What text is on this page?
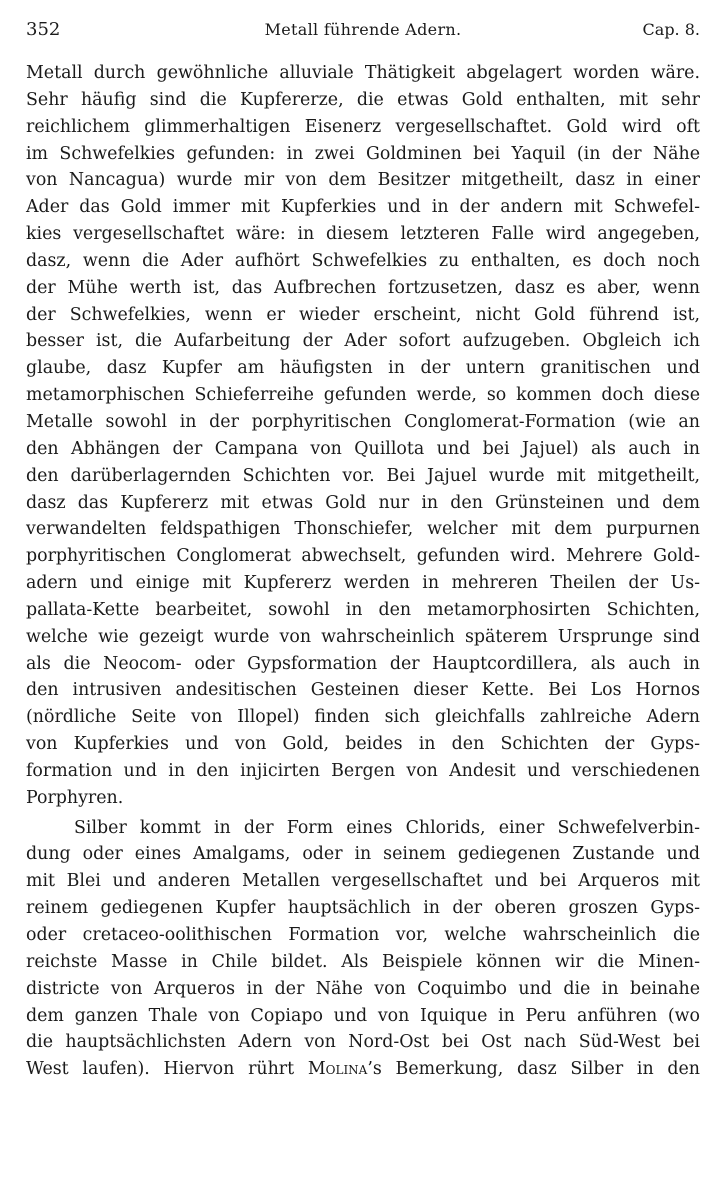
352	Metall führende Adern.	Cap. 8.
Metall durch gewöhnliche alluviale Thätigkeit abgelagert worden wäre.
Sehr häufig sind die Kupfererze, die etwas Gold enthalten, mit sehr
reichlichem glimmerhaltigen Eisenerz vergesellschaftet. Gold wird oft
im Schwefelkies gefunden: in zwei Goldminen bei Yaquil (in der Nähe
von Nancagua) wurde mir von dem Besitzer mitgetheilt, dasz in einer
Ader das Gold immer mit Kupferkies und in der andern mit Schwefel-
kies vergesellschaftet wäre: in diesem letzteren Falle wird angegeben,
dasz, wenn die Ader aufhört Schwefelkies zu enthalten, es doch noch
der Mühe werth ist, das Aufbrechen fortzusetzen, dasz es aber, wenn
der Schwefelkies, wenn er wieder erscheint, nicht Gold führend ist,
besser ist, die Aufarbeitung der Ader sofort aufzugeben. Obgleich ich
glaube, dasz Kupfer am häufigsten in der untern granitischen und
metamorphischen Schieferreihe gefunden werde, so kommen doch diese
Metalle sowohl in der porphyritischen Conglomerat-Formation (wie an
den Abhängen der Campana von Quillota und bei Jajuel) als auch in
den darüberlagernden Schichten vor. Bei Jajuel wurde mit mitgetheilt,
dasz das Kupfererz mit etwas Gold nur in den Grünsteinen und dem
verwandelten feldspathigen Thonschiefer, welcher mit dem purpurnen
porphyritischen Conglomerat abwechselt, gefunden wird. Mehrere Gold-
adern und einige mit Kupfererz werden in mehreren Theilen der Us-
pallata-Kette bearbeitet, sowohl in den metamorphosirten Schichten,
welche wie gezeigt wurde von wahrscheinlich späterem Ursprunge sind
als die Neocom- oder Gypsformation der Hauptcordillera, als auch in
den intrusiven andesitischen Gesteinen dieser Kette. Bei Los Hornos
(nördliche Seite von Illopel) finden sich gleichfalls zahlreiche Adern
von Kupferkies und von Gold, beides in den Schichten der Gyps-
formation und in den injicirten Bergen von Andesit und verschiedenen
Porphyren.
Silber kommt in der Form eines Chlorids, einer Schwefelverbin-
dung oder eines Amalgams, oder in seinem gediegenen Zustande und
mit Blei und anderen Metallen vergesellschaftet und bei Arqueros mit
reinem gediegenen Kupfer hauptsächlich in der oberen groszen Gyps-
oder cretaceo-oolithischen Formation vor, welche wahrscheinlich die
reichste Masse in Chile bildet. Als Beispiele können wir die Minen-
districte von Arqueros in der Nähe von Coquimbo und die in beinahe
dem ganzen Thale von Copiapo und von Iquique in Peru anführen (wo
die hauptsächlichsten Adern von Nord-Ost bei Ost nach Süd-West bei
West laufen). Hiervon rührt Molina’s Bemerkung, dasz Silber in den
